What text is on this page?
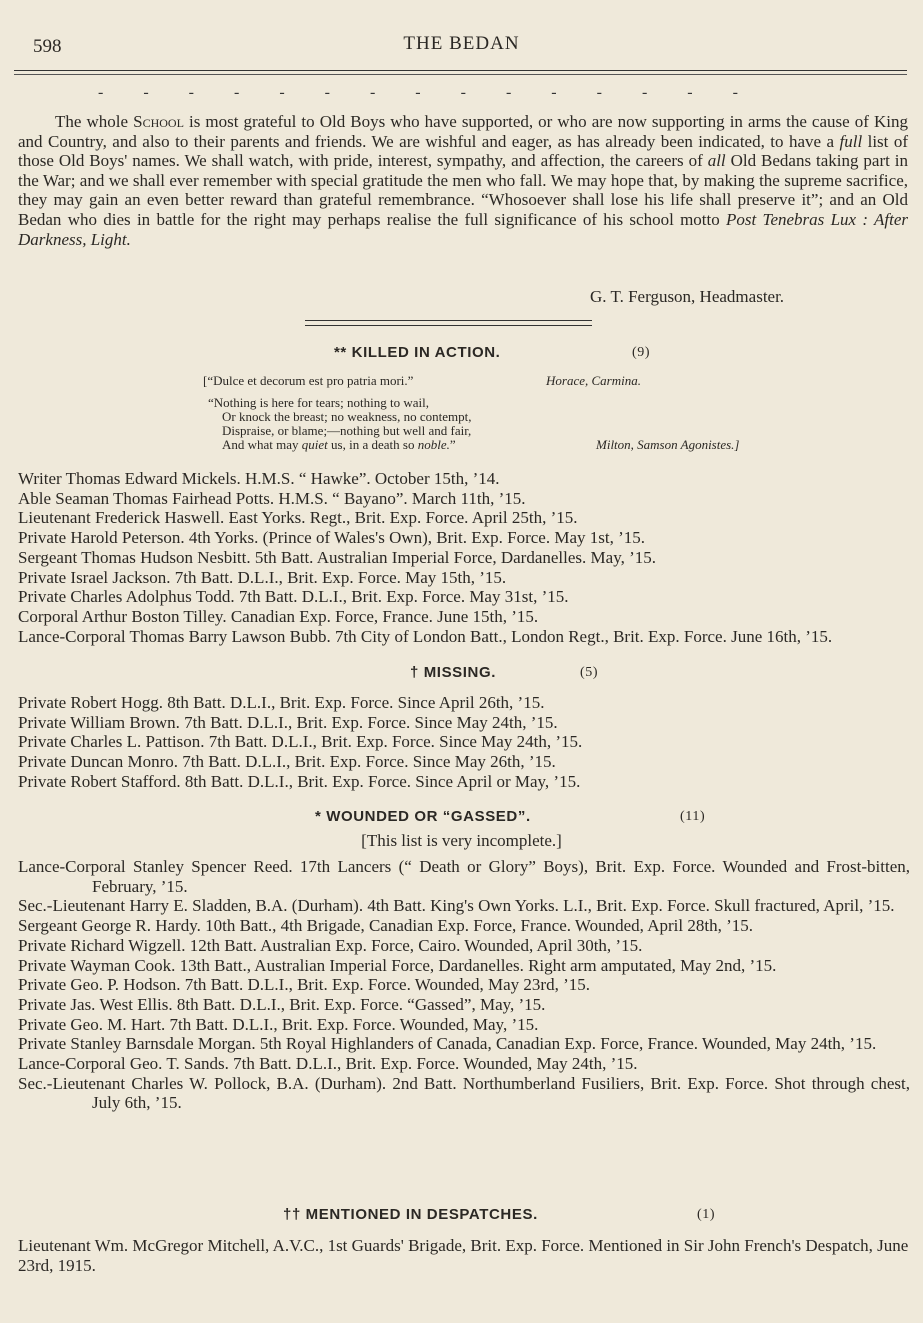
598	THE BEDAN
- - - - - - - - - - - - - - -
The whole School is most grateful to Old Boys who have supported, or who are now supporting in arms the cause of King and Country, and also to their parents and friends. We are wishful and eager, as has already been indicated, to have a full list of those Old Boys' names. We shall watch, with pride, interest, sympathy, and affection, the careers of all Old Bedans taking part in the War; and we shall ever remember with special gratitude the men who fall. We may hope that, by making the supreme sacrifice, they may gain an even better reward than grateful remembrance. “Whosoever shall lose his life shall preserve it”; and an Old Bedan who dies in battle for the right may perhaps realise the full significance of his school motto Post Tenebras Lux : After Darkness, Light.
G. T. Ferguson, Headmaster.
** KILLED IN ACTION.	(9)
[“Dulce et decorum est pro patria mori.”	Horace, Carmina.
“Nothing is here for tears; nothing to wail,
Or knock the breast; no weakness, no contempt,
Dispraise, or blame;—nothing but well and fair,
And what may quiet us, in a death so noble.”	Milton, Samson Agonistes.]
Writer Thomas Edward Mickels. H.M.S. “ Hawke”. October 15th, ’14.
Able Seaman Thomas Fairhead Potts. H.M.S. “ Bayano”. March 11th, ’15.
Lieutenant Frederick Haswell. East Yorks. Regt., Brit. Exp. Force. April 25th, ’15.
Private Harold Peterson. 4th Yorks. (Prince of Wales's Own), Brit. Exp. Force. May 1st, ’15.
Sergeant Thomas Hudson Nesbitt. 5th Batt. Australian Imperial Force, Dardanelles. May, ’15.
Private Israel Jackson. 7th Batt. D.L.I., Brit. Exp. Force. May 15th, ’15.
Private Charles Adolphus Todd. 7th Batt. D.L.I., Brit. Exp. Force. May 31st, ’15.
Corporal Arthur Boston Tilley. Canadian Exp. Force, France. June 15th, ’15.
Lance-Corporal Thomas Barry Lawson Bubb. 7th City of London Batt., London Regt., Brit. Exp. Force. June 16th, ’15.
† MISSING.	(5)
Private Robert Hogg. 8th Batt. D.L.I., Brit. Exp. Force. Since April 26th, ’15.
Private William Brown. 7th Batt. D.L.I., Brit. Exp. Force. Since May 24th, ’15.
Private Charles L. Pattison. 7th Batt. D.L.I., Brit. Exp. Force. Since May 24th, ’15.
Private Duncan Monro. 7th Batt. D.L.I., Brit. Exp. Force. Since May 26th, ’15.
Private Robert Stafford. 8th Batt. D.L.I., Brit. Exp. Force. Since April or May, ’15.
* WOUNDED OR “GASSED”.	(11)
[This list is very incomplete.]
Lance-Corporal Stanley Spencer Reed. 17th Lancers (“ Death or Glory” Boys), Brit. Exp. Force. Wounded and Frost-bitten, February, ’15.
Sec.-Lieutenant Harry E. Sladden, B.A. (Durham). 4th Batt. King's Own Yorks. L.I., Brit. Exp. Force. Skull fractured, April, ’15.
Sergeant George R. Hardy. 10th Batt., 4th Brigade, Canadian Exp. Force, France. Wounded, April 28th, ’15.
Private Richard Wigzell. 12th Batt. Australian Exp. Force, Cairo. Wounded, April 30th, ’15.
Private Wayman Cook. 13th Batt., Australian Imperial Force, Dardanelles. Right arm amputated, May 2nd, ’15.
Private Geo. P. Hodson. 7th Batt. D.L.I., Brit. Exp. Force. Wounded, May 23rd, ’15.
Private Jas. West Ellis. 8th Batt. D.L.I., Brit. Exp. Force. “Gassed”, May, ’15.
Private Geo. M. Hart. 7th Batt. D.L.I., Brit. Exp. Force. Wounded, May, ’15.
Private Stanley Barnsdale Morgan. 5th Royal Highlanders of Canada, Canadian Exp. Force, France. Wounded, May 24th, ’15.
Lance-Corporal Geo. T. Sands. 7th Batt. D.L.I., Brit. Exp. Force. Wounded, May 24th, ’15.
Sec.-Lieutenant Charles W. Pollock, B.A. (Durham). 2nd Batt. Northumberland Fusiliers, Brit. Exp. Force. Shot through chest, July 6th, ’15.
†† MENTIONED IN DESPATCHES.	(1)
Lieutenant Wm. McGregor Mitchell, A.V.C., 1st Guards' Brigade, Brit. Exp. Force. Mentioned in Sir John French's Despatch, June 23rd, 1915.
